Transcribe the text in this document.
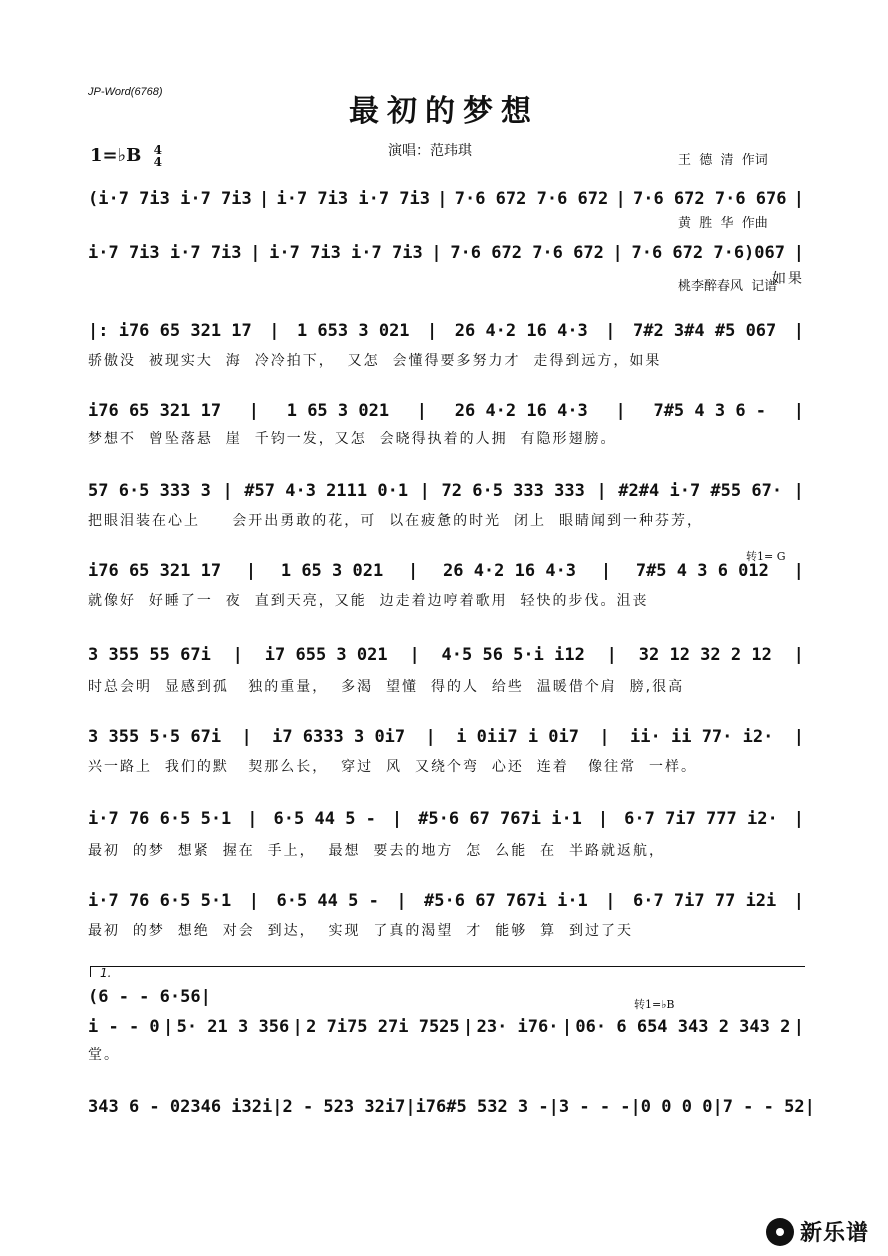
JP-Word(6768)
最初的梦想
1=♭B 4
4
演唱：范玮琪

王  德  清  作词

黄  胜  华  作曲

桃李醉春风  记谱

(i·7 7i3 i·7 7i3 | i·7 7i3 i·7 7i3 | 7·6 672 7·6 672 | 7·6 672 7·6 676 |
i·7 7i3 i·7 7i3 | i·7 7i3 i·7 7i3 | 7·6 672 7·6 672 | 7·6 672 7·6)067 |
如果
|: i76 65 321 17 | 1 653 3 021 | 26 4·2 16 4·3 | 7#2 3#4 #5 067 |
骄傲没  被现实大  海  冷冷拍下，  又怎  会懂得要多努力才  走得到远方，如果
i76 65 321 17 | 1 65 3 021 | 26 4·2 16 4·3 | 7#5 4 3 6 - |
梦想不  曾坠落悬  崖  千钧一发，又怎  会晓得执着的人拥  有隐形翅膀。
57 6·5 333 3 | #57 4·3 2111 0·1 | 72 6·5 333 333 | #2#4 i·7 #55 67· |
把眼泪装在心上     会开出勇敢的花，可  以在疲惫的时光  闭上  眼睛闻到一种芬芳，
i76 65 321 17 | 1 65 3 021 | 26 4·2 16 4·3 | 7#5 4 3 6 012 |
就像好  好睡了一  夜  直到天亮，又能  边走着边哼着歌用  轻快的步伐。沮丧
3 355 55 67i | i7 655 3 021 | 4·5 56 5·i i12 | 32 12 32 2 12 |
时总会明  显感到孤   独的重量，  多渴  望懂  得的人  给些  温暖借个肩  膀,很高
3 355 5·5 67i | i7 6333 3 0i7 | i 0ii7 i 0i7 | ii· ii 77· i2· |
兴一路上  我们的默   契那么长，  穿过  风  又绕个弯  心还  连着   像往常  一样。
i·7 76 6·5 5·1 | 6·5 44 5 - | #5·6 67 767i i·1 | 6·7 7i7 777 i2· |
最初  的梦  想紧  握在  手上，  最想  要去的地方  怎  么能  在  半路就返航，
i·7 76 6·5 5·1 | 6·5 44 5 - | #5·6 67 767i i·1 | 6·7 7i7 77 i2i |
最初  的梦  想绝  对会  到达，  实现  了真的渴望  才  能够  算  到过了天
(6 - - 6·56 |
i - - 0 | 5· 21 3 356 | 2 7i75 27i 7525 | 23· i76· | 06· 6 654 343 2 343 2 |
堂。
343 6 - 02346 i32i | 2 - 523 32i7 | i76#5 532 3 - | 3 - - - | 0 0 0 0 | 7 - - 52 |
转1= G
转1=♭B
1.
新乐谱
